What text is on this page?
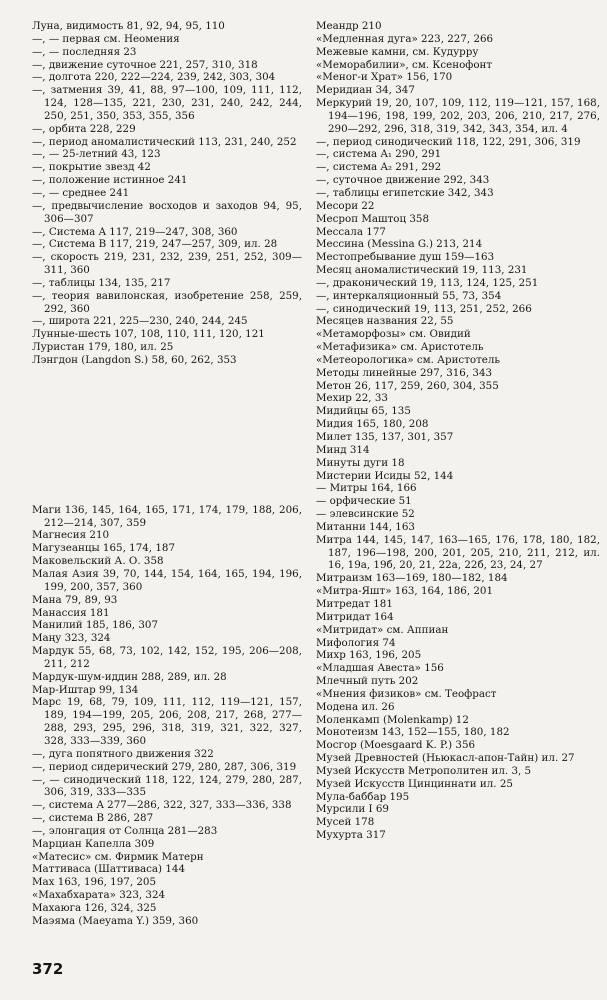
Луна, видимость 81, 92, 94, 95, 110
—, — первая см. Неомения
—, — последняя 23
—, движение суточное 221, 257, 310, 318
—, долгота 220, 222—224, 239, 242, 303, 304
—, затмения 39, 41, 88, 97—100, 109, 111, 112, 124, 128—135, 221, 230, 231, 240, 242, 244, 250, 251, 350, 353, 355, 356
—, орбита 228, 229
—, период аномалистический 113, 231, 240, 252
—, — 25-летний 43, 123
—, покрытие звезд 42
—, положение истинное 241
—, — среднее 241
—, предвычисление восходов и заходов 94, 95, 306—307
—, Система A 117, 219—247, 308, 360
—, Система B 117, 219, 247—257, 309, ил. 28
—, скорость 219, 231, 232, 239, 251, 252, 309—311, 360
—, таблицы 134, 135, 217
—, теория вавилонская, изобретение 258, 259, 292, 360
—, широта 221, 225—230, 240, 244, 245
Лунные-шесть 107, 108, 110, 111, 120, 121
Луристан 179, 180, ил. 25
Лэнгдон (Langdon S.) 58, 60, 262, 353
Маги 136, 145, 164, 165, 171, 174, 179, 188, 206, 212—214, 307, 359
Магнесия 210
Магузеанцы 165, 174, 187
Маковельский А. О. 358
Малая Азия 39, 70, 144, 154, 164, 165, 194, 196, 199, 200, 357, 360
Мана 79, 89, 93
Манассия 181
Манилий 185, 186, 307
Маңу 323, 324
Мардук 55, 68, 73, 102, 142, 152, 195, 206—208, 211, 212
Мардук-шум-иддин 288, 289, ил. 28
Мар-Иштар 99, 134
Марс 19, 68, 79, 109, 111, 112, 119—121, 157, 189, 194—199, 205, 206, 208, 217, 268, 277—288, 293, 295, 296, 318, 319, 321, 322, 327, 328, 333—339, 360
—, дуга попятного движения 322
—, период сидерический 279, 280, 287, 306, 319
—, — синодический 118, 122, 124, 279, 280, 287, 306, 319, 333—335
—, система A 277—286, 322, 327, 333—336, 338
—, система B 286, 287
—, элонгация от Солнца 281—283
Марциан Капелла 309
«Матесис» см. Фирмик Матерн
Маттиваса (Шаттиваса) 144
Мах 163, 196, 197, 205
«Махабхарата» 323, 324
Махаюга 126, 324, 325
Маэяма (Maeyama Y.) 359, 360
Меандр 210
«Медленная дуга» 223, 227, 266
Межевые камни, см. Кудурру
«Меморабилии», см. Ксенофонт
«Меног-и Храт» 156, 170
Меридиан 34, 347
Меркурий 19, 20, 107, 109, 112, 119—121, 157, 168, 194—196, 198, 199, 202, 203, 206, 210, 217, 276, 290—292, 296, 318, 319, 342, 343, 354, ил. 4
—, период синодический 118, 122, 291, 306, 319
—, система A₁ 290, 291
—, система A₂ 291, 292
—, суточное движение 292, 343
—, таблицы египетские 342, 343
Месори 22
Месроп Маштоц 358
Мессала 177
Мессина (Messina G.) 213, 214
Местопребывание душ 159—163
Месяц аномалистический 19, 113, 231
—, драконический 19, 113, 124, 125, 251
—, интеркаляционный 55, 73, 354
—, синодический 19, 113, 251, 252, 266
Месяцев названия 22, 55
«Метаморфозы» см. Овидий
«Метафизика» см. Аристотель
«Метеорологика» см. Аристотель
Методы линейные 297, 316, 343
Метон 26, 117, 259, 260, 304, 355
Мехир 22, 33
Мидийцы 65, 135
Мидия 165, 180, 208
Милет 135, 137, 301, 357
Минд 314
Минуты дуги 18
Мистерии Исиды 52, 144
— Митры 164, 166
— орфические 51
— элевсинские 52
Митанни 144, 163
Митра 144, 145, 147, 163—165, 176, 178, 180, 182, 187, 196—198, 200, 201, 205, 210, 211, 212, ил. 16, 19a, 19б, 20, 21, 22a, 22б, 23, 24, 27
Митраизм 163—169, 180—182, 184
«Митра-Яшт» 163, 164, 186, 201
Митредат 181
Митридат 164
«Митридат» см. Аппиан
Мифология 74
Михр 163, 196, 205
«Младшая Авеста» 156
Млечный путь 202
«Мнения физиков» см. Теофраст
Модена ил. 26
Моленкамп (Molenkamp) 12
Монотеизм 143, 152—155, 180, 182
Мосгор (Moesgaard K. P.) 356
Музей Древностей (Ньюкасл-апон-Тайн) ил. 27
Музей Искусств Метрополитен ил. 3, 5
Музей Искусств Цинциннати ил. 25
Мула-баббар 195
Мурсили I 69
Мусей 178
Мухурта 317
372
